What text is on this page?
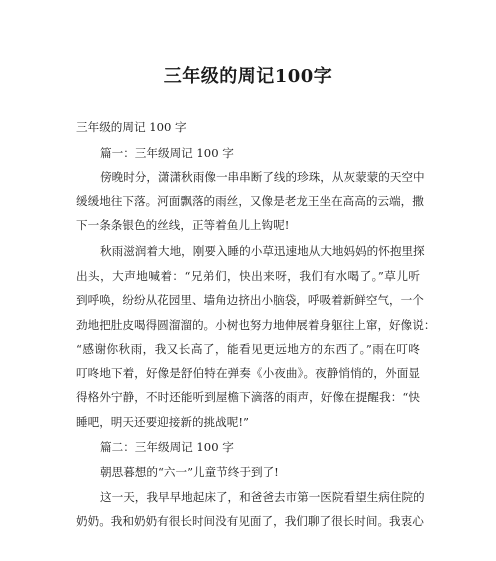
三年级的周记100字
三年级的周记 100 字
篇一：三年级周记 100 字
傍晚时分，潇潇秋雨像一串串断了线的珍珠，从灰蒙蒙的天空中
缓缓地往下落。河面飘落的雨丝，又像是老龙王坐在高高的云端，撒
下一条条银色的丝线，正等着鱼儿上钩呢!
秋雨滋润着大地，刚要入睡的小草迅速地从大地妈妈的怀抱里探
出头，大声地喊着：“兄弟们，快出来呀，我们有水喝了。”草儿听
到呼唤，纷纷从花园里、墙角边挤出小脑袋，呼吸着新鲜空气，一个
劲地把肚皮喝得圆溜溜的。小树也努力地伸展着身躯往上窜，好像说：
“感谢你秋雨，我又长高了，能看见更远地方的东西了。”雨在叮咚
叮咚地下着，好像是舒伯特在弹奏《小夜曲》。夜静悄悄的，外面显
得格外宁静，不时还能听到屋檐下滴落的雨声，好像在提醒我：“快
睡吧，明天还要迎接新的挑战呢!”
篇二：三年级周记 100 字
朝思暮想的“六一”儿童节终于到了!
这一天，我早早地起床了，和爸爸去市第一医院看望生病住院的
奶奶。我和奶奶有很长时间没有见面了，我们聊了很长时间。我衷心
